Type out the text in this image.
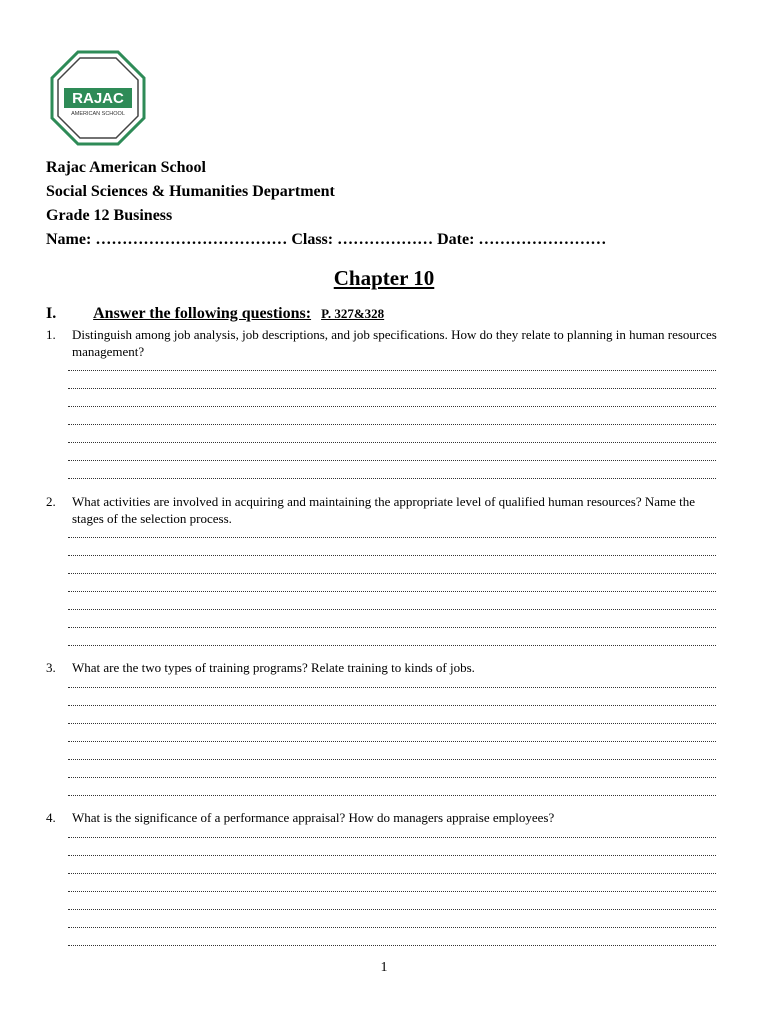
RAJAC
AMERICAN SCHOOL
Rajac American School
Social Sciences & Humanities Department
Grade 12 Business
Name: ……………………………… Class: ……………… Date: ……………………
Chapter 10
I. Answer the following questions: P. 327&328
1. Distinguish among job analysis, job descriptions, and job specifications. How do they relate to planning in human resources management?
2. What activities are involved in acquiring and maintaining the appropriate level of qualified human resources? Name the stages of the selection process.
3. What are the two types of training programs? Relate training to kinds of jobs.
4. What is the significance of a performance appraisal? How do managers appraise employees?
1
